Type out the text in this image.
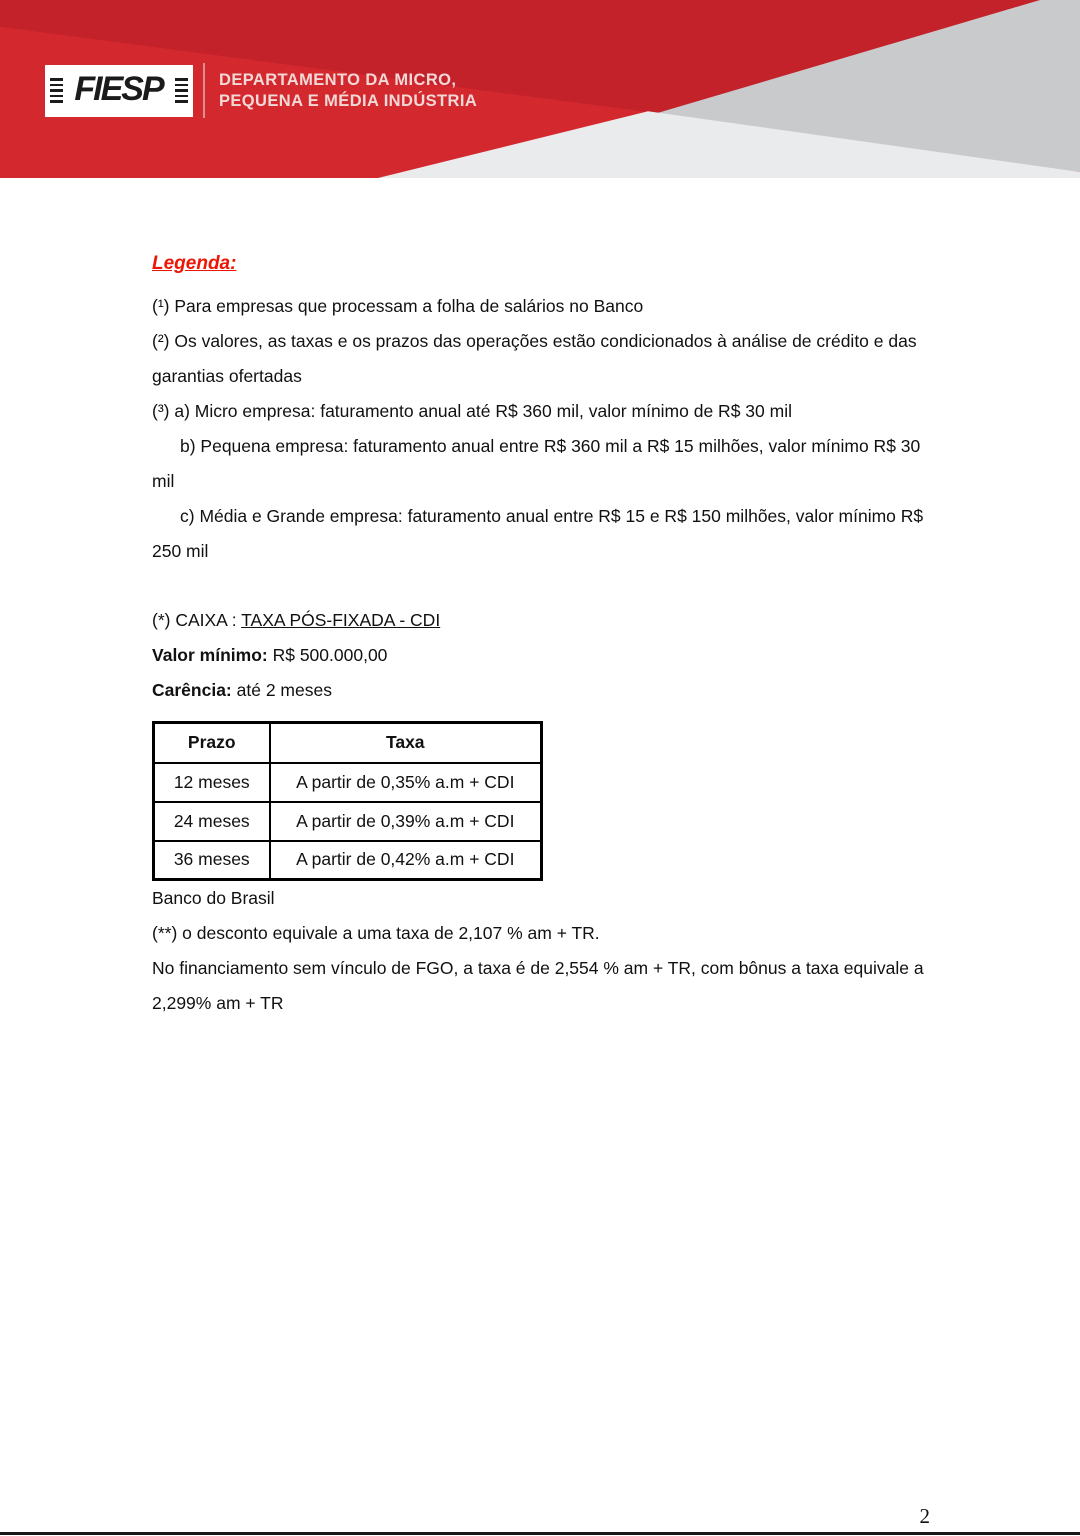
FIESP	DEPARTAMENTO DA MICRO,
PEQUENA E MÉDIA INDÚSTRIA
Legenda:

(¹) Para empresas que processam a folha de salários no Banco

(²) Os valores, as taxas e os prazos das operações estão condicionados à análise de crédito e das garantias ofertadas

(³) a) Micro empresa: faturamento anual até R$ 360 mil, valor mínimo de R$ 30 mil

b) Pequena empresa: faturamento anual entre R$ 360 mil a R$ 15 milhões, valor mínimo R$ 30 mil

c) Média e Grande empresa: faturamento anual entre R$ 15 e R$ 150 milhões, valor mínimo R$ 250 mil

(*) CAIXA : TAXA PÓS-FIXADA - CDI

Valor mínimo: R$ 500.000,00

Carência: até 2 meses

Prazo	Taxa
12 meses	A partir de 0,35% a.m + CDI
24 meses	A partir de 0,39% a.m + CDI
36 meses	A partir de 0,42% a.m + CDI

Banco do Brasil

(**) o desconto equivale a uma taxa de 2,107 % am + TR.

No financiamento sem vínculo de FGO, a taxa é de 2,554 % am + TR, com bônus a taxa equivale a 2,299% am + TR

2
